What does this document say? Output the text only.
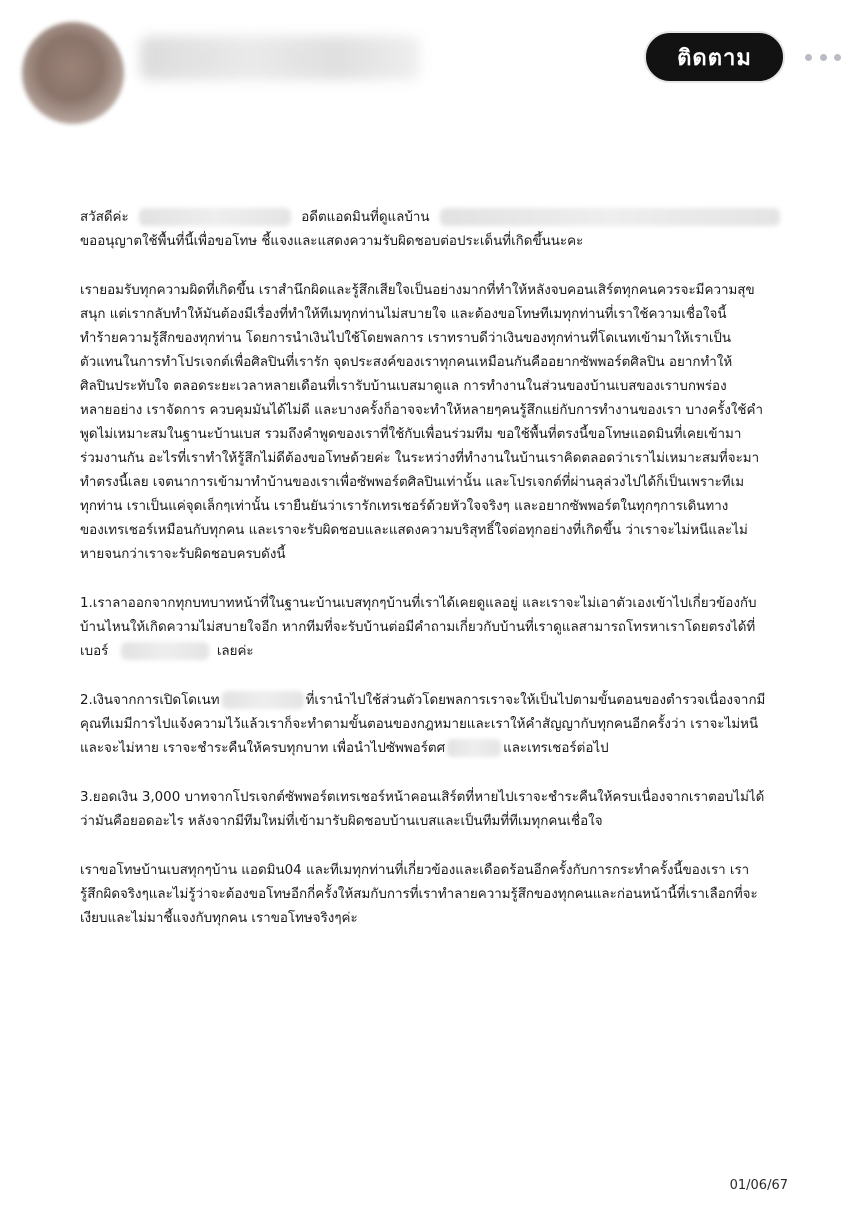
ติดตาม
สวัสดีค่ะ	อดีตแอดมินที่ดูแลบ้าน
ขออนุญาตใช้พื้นที่นี้เพื่อขอโทษ ชี้แจงและแสดงความรับผิดชอบต่อประเด็นที่เกิดขึ้นนะคะ
เรายอมรับทุกความผิดที่เกิดขึ้น เราสำนึกผิดและรู้สึกเสียใจเป็นอย่างมากที่ทำให้หลังจบคอนเสิร์ตทุกคนควรจะมีความสุข
สนุก แต่เรากลับทำให้มันต้องมีเรื่องที่ทำให้ทีเมทุกท่านไม่สบายใจ และต้องขอโทษทีเมทุกท่านที่เราใช้ความเชื่อใจนี้
ทำร้ายความรู้สึกของทุกท่าน โดยการนำเงินไปใช้โดยพลการ เราทราบดีว่าเงินของทุกท่านที่โดเนทเข้ามาให้เราเป็น
ตัวแทนในการทำโปรเจกต์เพื่อศิลปินที่เรารัก จุดประสงค์ของเราทุกคนเหมือนกันคืออยากซัพพอร์ตศิลปิน อยากทำให้
ศิลปินประทับใจ ตลอดระยะเวลาหลายเดือนที่เรารับบ้านเบสมาดูแล การทำงานในส่วนของบ้านเบสของเราบกพร่อง
หลายอย่าง เราจัดการ ควบคุมมันได้ไม่ดี และบางครั้งก็อาจจะทำให้หลายๆคนรู้สึกแย่กับการทำงานของเรา บางครั้งใช้คำ
พูดไม่เหมาะสมในฐานะบ้านเบส รวมถึงคำพูดของเราที่ใช้กับเพื่อนร่วมทีม ขอใช้พื้นที่ตรงนี้ขอโทษแอดมินที่เคยเข้ามา
ร่วมงานกัน อะไรที่เราทำให้รู้สึกไม่ดีต้องขอโทษด้วยค่ะ ในระหว่างที่ทำงานในบ้านเราคิดตลอดว่าเราไม่เหมาะสมที่จะมา
ทำตรงนี้เลย เจตนาการเข้ามาทำบ้านของเราเพื่อซัพพอร์ตศิลปินเท่านั้น และโปรเจกต์ที่ผ่านลุล่วงไปได้ก็เป็นเพราะทีเม
ทุกท่าน เราเป็นแค่จุดเล็กๆเท่านั้น เรายืนยันว่าเรารักเทรเชอร์ด้วยหัวใจจริงๆ และอยากซัพพอร์ตในทุกๆการเดินทาง
ของเทรเชอร์เหมือนกับทุกคน และเราจะรับผิดชอบและแสดงความบริสุทธิ์ใจต่อทุกอย่างที่เกิดขึ้น ว่าเราจะไม่หนีและไม่
หายจนกว่าเราจะรับผิดชอบครบดังนี้
1.เราลาออกจากทุกบทบาทหน้าที่ในฐานะบ้านเบสทุกๆบ้านที่เราได้เคยดูแลอยู่ และเราจะไม่เอาตัวเองเข้าไปเกี่ยวข้องกับ
บ้านไหนให้เกิดความไม่สบายใจอีก หากทีมที่จะรับบ้านต่อมีคำถามเกี่ยวกับบ้านที่เราดูแลสามารถโทรหาเราโดยตรงได้ที่
เบอร์	เลยค่ะ
2.เงินจากการเปิดโดเนท	ที่เรานำไปใช้ส่วนตัวโดยพลการเราจะให้เป็นไปตามขั้นตอนของตำรวจเนื่องจากมี
คุณทีเมมีการไปแจ้งความไว้แล้วเราก็จะทำตามขั้นตอนของกฎหมายและเราให้คำสัญญากับทุกคนอีกครั้งว่า เราจะไม่หนี
และจะไม่หาย เราจะชำระคืนให้ครบทุกบาท เพื่อนำไปซัพพอร์ตศ	และเทรเชอร์ต่อไป
3.ยอดเงิน 3,000 บาทจากโปรเจกต์ซัพพอร์ตเทรเชอร์หน้าคอนเสิร์ตที่หายไปเราจะชำระคืนให้ครบเนื่องจากเราตอบไม่ได้
ว่ามันคือยอดอะไร หลังจากมีทีมใหม่ที่เข้ามารับผิดชอบบ้านเบสและเป็นทีมที่ทีเมทุกคนเชื่อใจ
เราขอโทษบ้านเบสทุกๆบ้าน แอดมิน04 และทีเมทุกท่านที่เกี่ยวข้องและเดือดร้อนอีกครั้งกับการกระทำครั้งนี้ของเรา เรา
รู้สึกผิดจริงๆและไม่รู้ว่าจะต้องขอโทษอีกกี่ครั้งให้สมกับการที่เราทำลายความรู้สึกของทุกคนและก่อนหน้านี้ที่เราเลือกที่จะ
เงียบและไม่มาชี้แจงกับทุกคน เราขอโทษจริงๆค่ะ
01/06/67
